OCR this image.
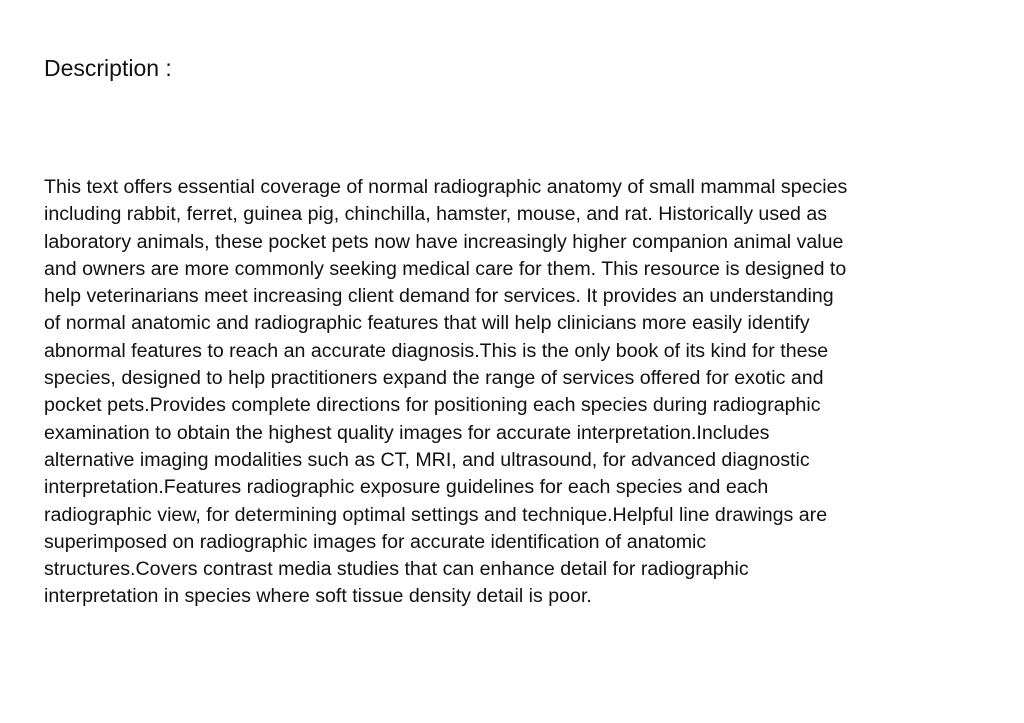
Description :

This text offers essential coverage of normal radiographic anatomy of small mammal species
including rabbit, ferret, guinea pig, chinchilla, hamster, mouse, and rat. Historically used as
laboratory animals, these pocket pets now have increasingly higher companion animal value
and owners are more commonly seeking medical care for them. This resource is designed to
help veterinarians meet increasing client demand for services. It provides an understanding
of normal anatomic and radiographic features that will help clinicians more easily identify
abnormal features to reach an accurate diagnosis.This is the only book of its kind for these
species, designed to help practitioners expand the range of services offered for exotic and
pocket pets.Provides complete directions for positioning each species during radiographic
examination to obtain the highest quality images for accurate interpretation.Includes
alternative imaging modalities such as CT, MRI, and ultrasound, for advanced diagnostic
interpretation.Features radiographic exposure guidelines for each species and each
radiographic view, for determining optimal settings and technique.Helpful line drawings are
superimposed on radiographic images for accurate identification of anatomic
structures.Covers contrast media studies that can enhance detail for radiographic
interpretation in species where soft tissue density detail is poor.
